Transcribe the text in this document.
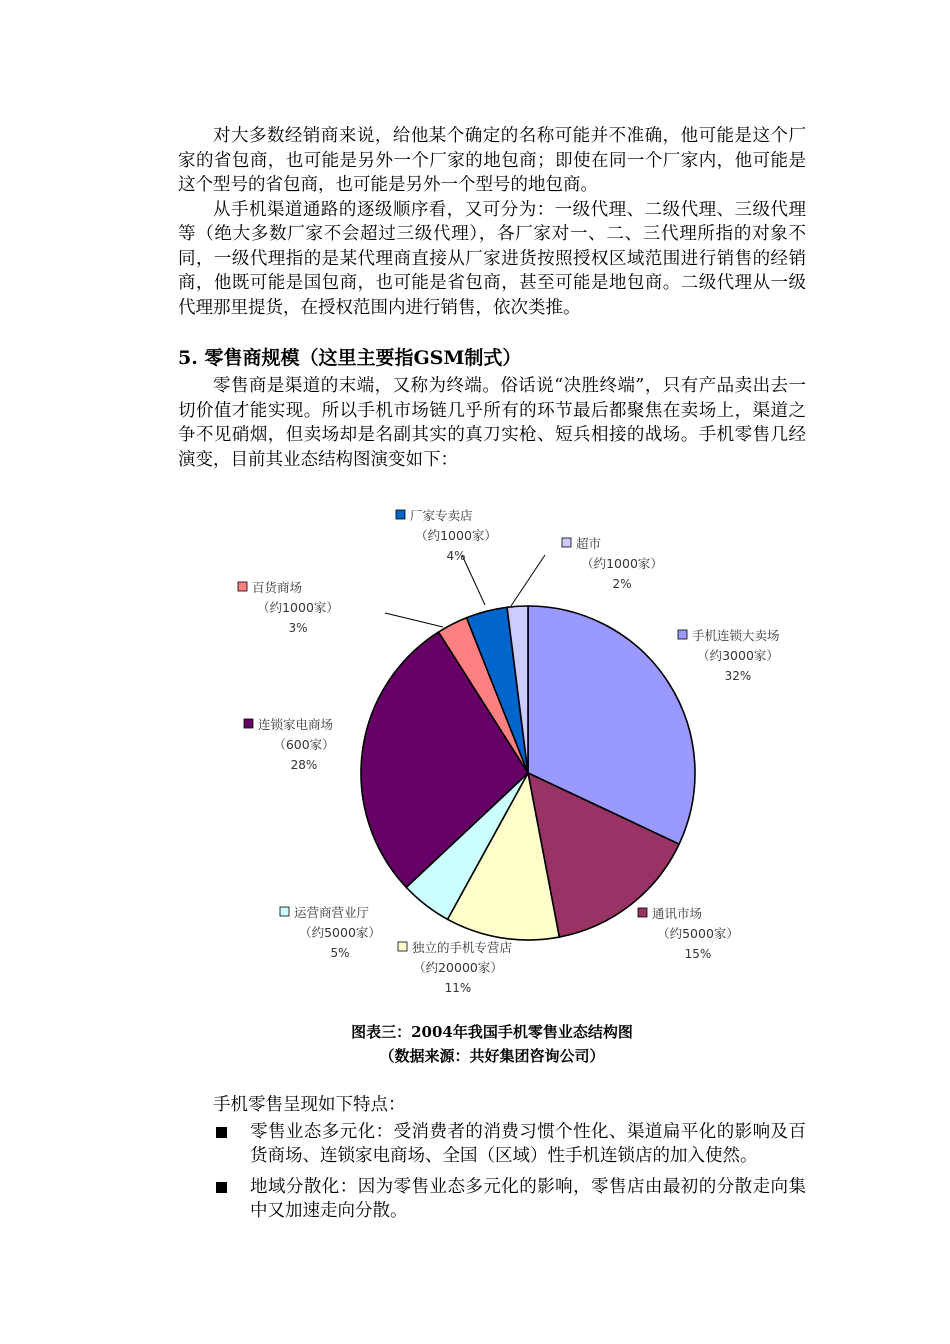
对大多数经销商来说，给他某个确定的名称可能并不准确，他可能是这个厂家的省包商，也可能是另外一个厂家的地包商；即使在同一个厂家内，他可能是这个型号的省包商，也可能是另外一个型号的地包商。

从手机渠道通路的逐级顺序看，又可分为：一级代理、二级代理、三级代理等（绝大多数厂家不会超过三级代理），各厂家对一、二、三代理所指的对象不同，一级代理指的是某代理商直接从厂家进货按照授权区域范围进行销售的经销商，他既可能是国包商，也可能是省包商，甚至可能是地包商。二级代理从一级代理那里提货，在授权范围内进行销售，依次类推。

5. 零售商规模（这里主要指GSM制式）

零售商是渠道的末端，又称为终端。俗话说“决胜终端”，只有产品卖出去一切价值才能实现。所以手机市场链几乎所有的环节最后都聚焦在卖场上，渠道之争不见硝烟，但卖场却是名副其实的真刀实枪、短兵相接的战场。手机零售几经演变，目前其业态结构图演变如下：

手机连锁大卖场
（约3000家）
32%
通讯市场
（约5000家）
15%
独立的手机专营店
（约20000家）
11%
运营商营业厅
（约5000家）
5%
连锁家电商场
（600家）
28%
百货商场
（约1000家）
3%
厂家专卖店
（约1000家）
4%
超市
（约1000家）
2%
图表三：2004年我国手机零售业态结构图
（数据来源：共好集团咨询公司）

手机零售呈现如下特点：

零售业态多元化：受消费者的消费习惯个性化、渠道扁平化的影响及百货商场、连锁家电商场、全国（区域）性手机连锁店的加入使然。

地域分散化：因为零售业态多元化的影响，零售店由最初的分散走向集中又加速走向分散。
